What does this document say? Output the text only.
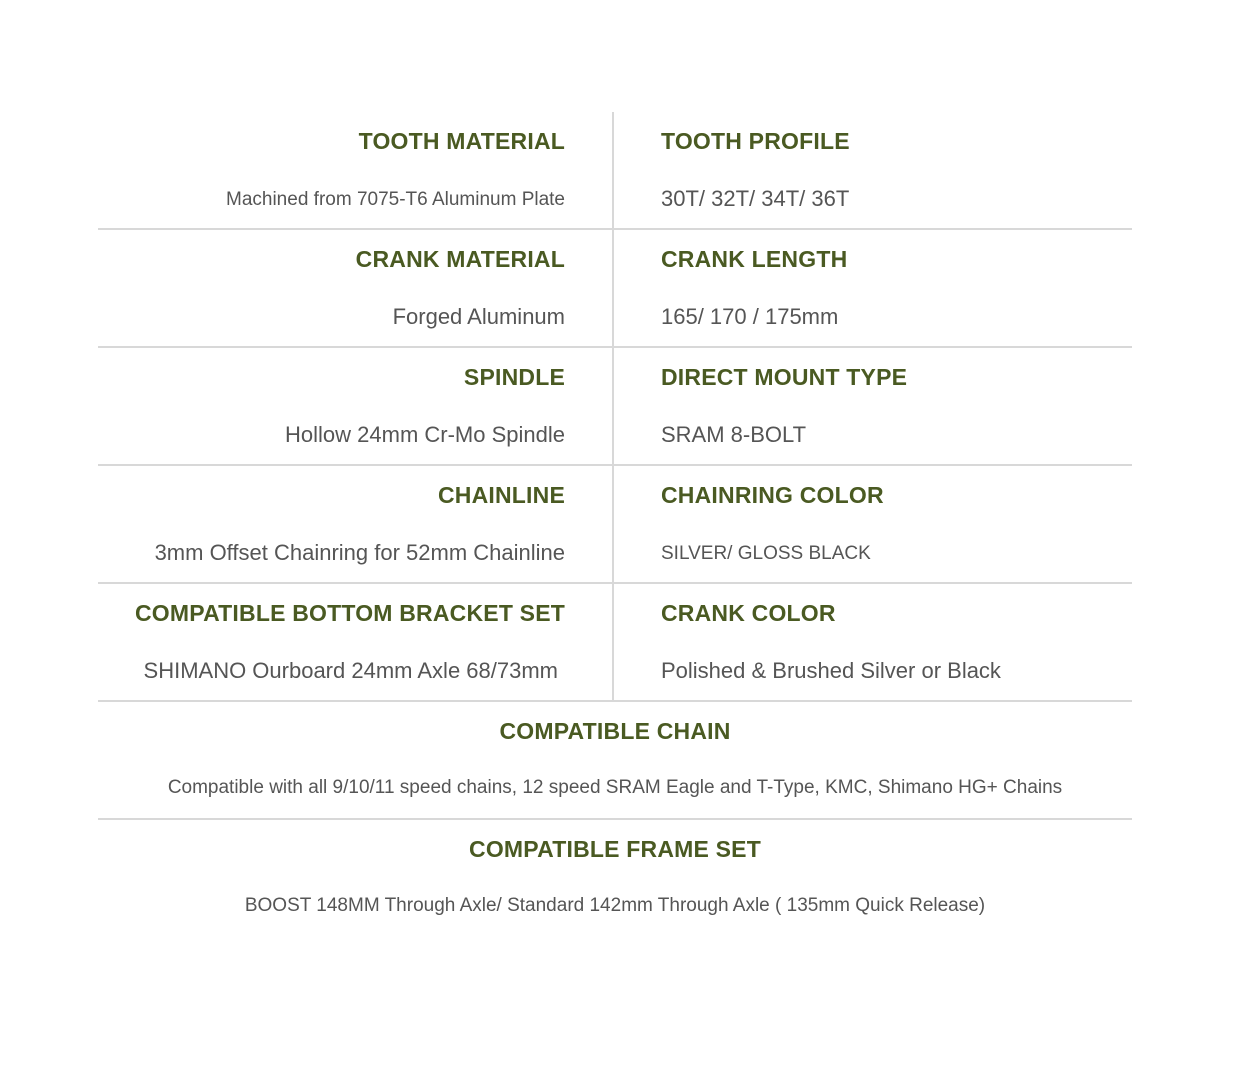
TOOTH MATERIAL
Machined from 7075-T6 Aluminum Plate
TOOTH PROFILE
30T/ 32T/ 34T/ 36T
CRANK MATERIAL
Forged Aluminum
CRANK LENGTH
165/ 170 / 175mm
SPINDLE
Hollow 24mm Cr-Mo Spindle
DIRECT MOUNT TYPE
SRAM 8-BOLT
CHAINLINE
3mm Offset Chainring for 52mm Chainline
CHAINRING COLOR
SILVER/ GLOSS BLACK
COMPATIBLE BOTTOM BRACKET SET
SHIMANO Ourboard 24mm Axle 68/73mm
CRANK COLOR
Polished & Brushed Silver or Black
COMPATIBLE CHAIN
Compatible with all 9/10/11 speed chains, 12 speed SRAM Eagle and T-Type, KMC, Shimano HG+ Chains
COMPATIBLE FRAME SET
BOOST 148MM Through Axle/ Standard 142mm Through Axle ( 135mm Quick Release)
